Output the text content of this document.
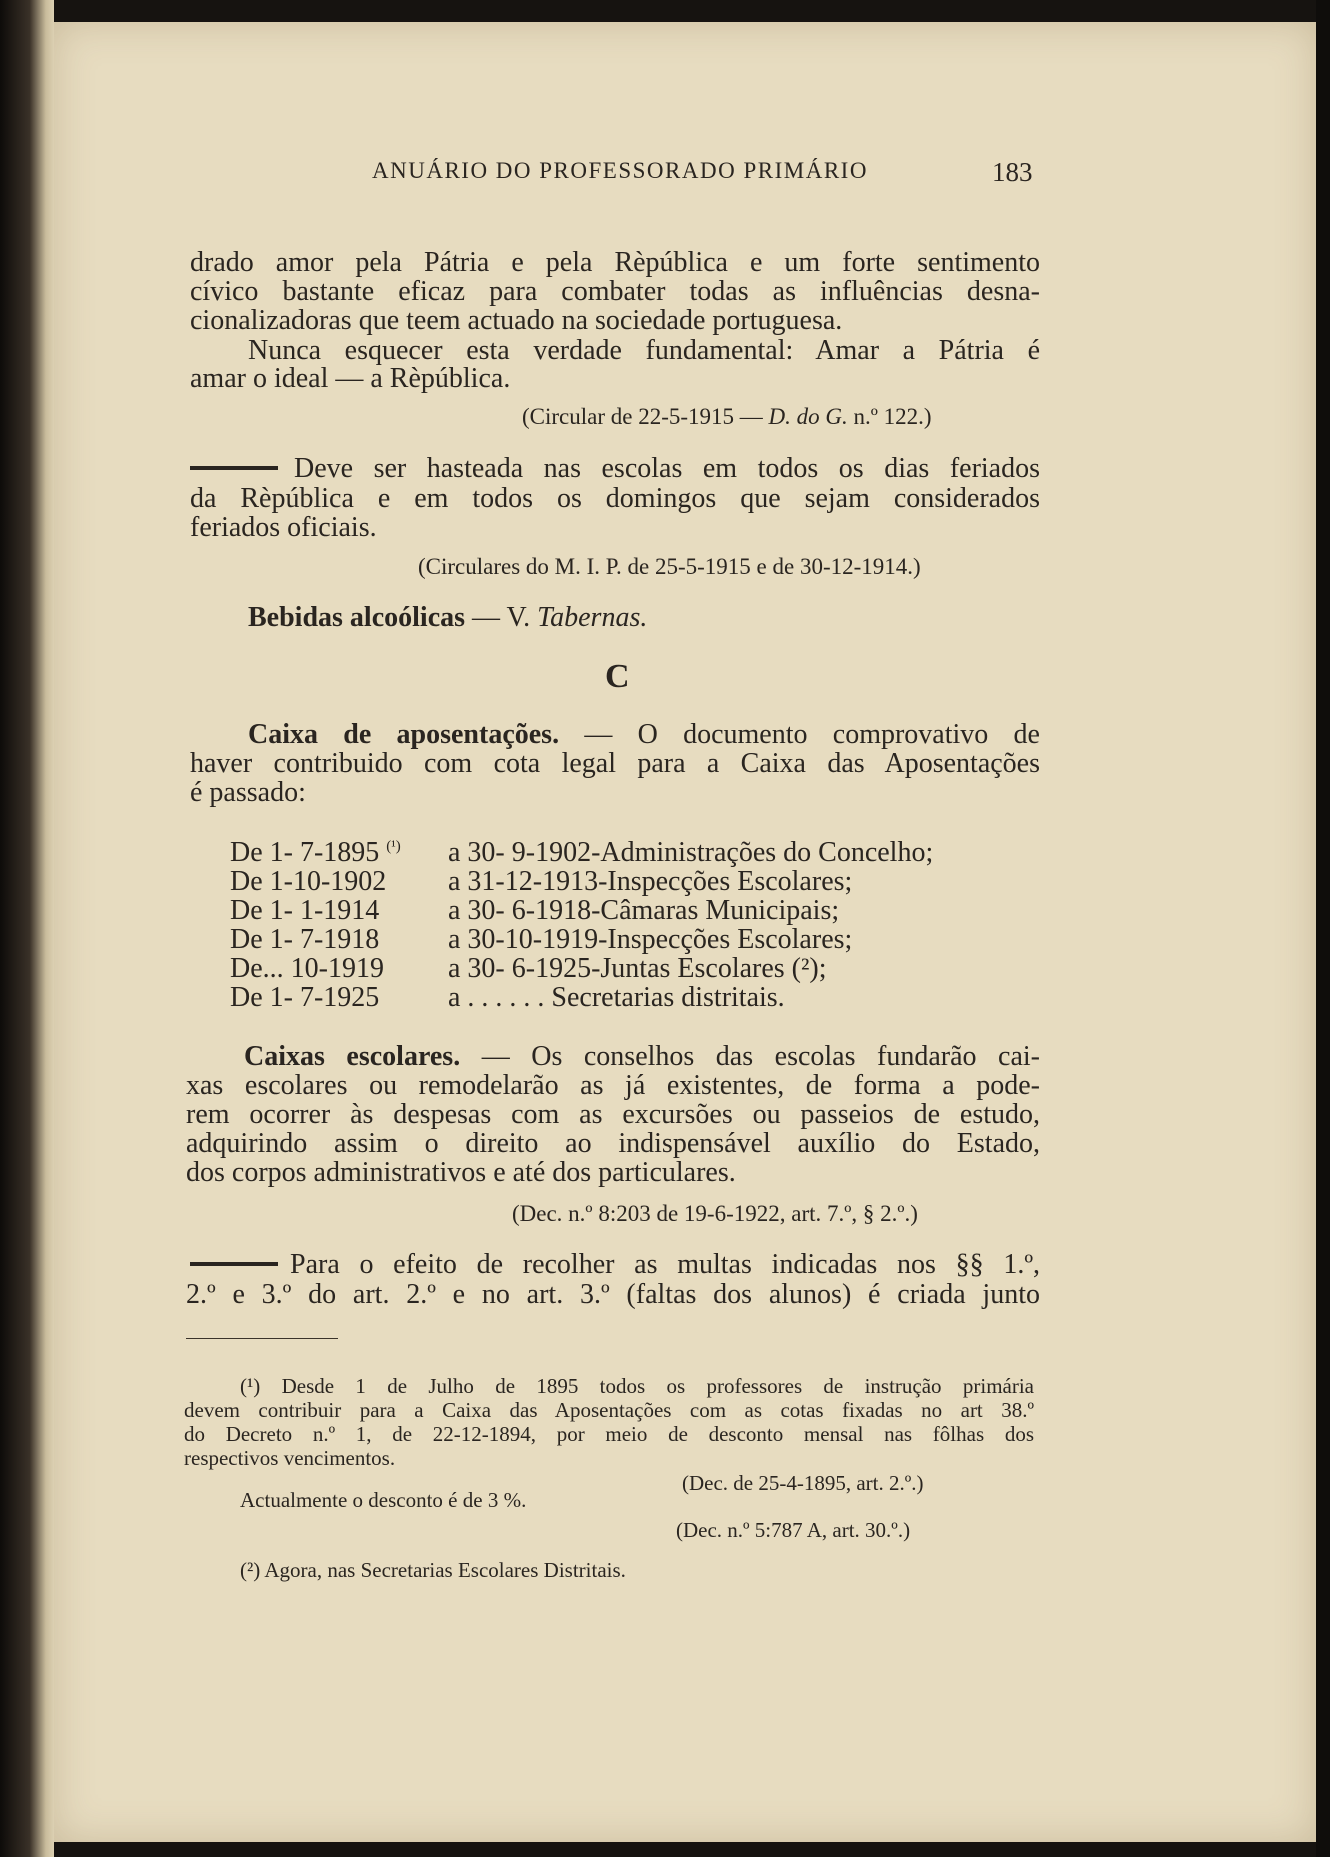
ANUÁRIO DO PROFESSORADO PRIMÁRIO	183
drado amor pela Pátria e pela Rèpública e um forte sentimento
cívico bastante eficaz para combater todas as influências desna-
cionalizadoras que teem actuado na sociedade portuguesa.
Nunca esquecer esta verdade fundamental: Amar a Pátria é
amar o ideal — a Rèpública.
(Circular de 22-5-1915 — D. do G. n.º 122.)
Deve ser hasteada nas escolas em todos os dias feriados
da Rèpública e em todos os domingos que sejam considerados
feriados oficiais.
(Circulares do M. I. P. de 25-5-1915 e de 30-12-1914.)
Bebidas alcoólicas — V. Tabernas.
C
Caixa de aposentações. — O documento comprovativo de
haver contribuido com cota legal para a Caixa das Aposentações
é passado:
De 1- 7-1895 $^{(^1)}$ a 30- 9-1902-Administrações do Concelho;
De 1-10-1902 a 31-12-1913-Inspecções Escolares;
De 1- 1-1914 a 30- 6-1918-Câmaras Municipais;
De 1- 7-1918 a 30-10-1919-Inspecções Escolares;
De... 10-1919 a 30- 6-1925-Juntas Escolares (²);
De 1- 7-1925 a . . . . . . Secretarias distritais.
Caixas escolares. — Os conselhos das escolas fundarão cai-
xas escolares ou remodelarão as já existentes, de forma a pode-
rem ocorrer às despesas com as excursões ou passeios de estudo,
adquirindo assim o direito ao indispensável auxílio do Estado,
dos corpos administrativos e até dos particulares.
(Dec. n.º 8:203 de 19-6-1922, art. 7.º, § 2.º.)
Para o efeito de recolher as multas indicadas nos §§ 1.º,
2.º e 3.º do art. 2.º e no art. 3.º (faltas dos alunos) é criada junto
(¹) Desde 1 de Julho de 1895 todos os professores de instrução primária
devem contribuir para a Caixa das Aposentações com as cotas fixadas no art 38.º
do Decreto n.º 1, de 22-12-1894, por meio de desconto mensal nas fôlhas dos
respectivos vencimentos.
(Dec. de 25-4-1895, art. 2.º.)
Actualmente o desconto é de 3 %.
(Dec. n.º 5:787 A, art. 30.º.)
(²) Agora, nas Secretarias Escolares Distritais.
